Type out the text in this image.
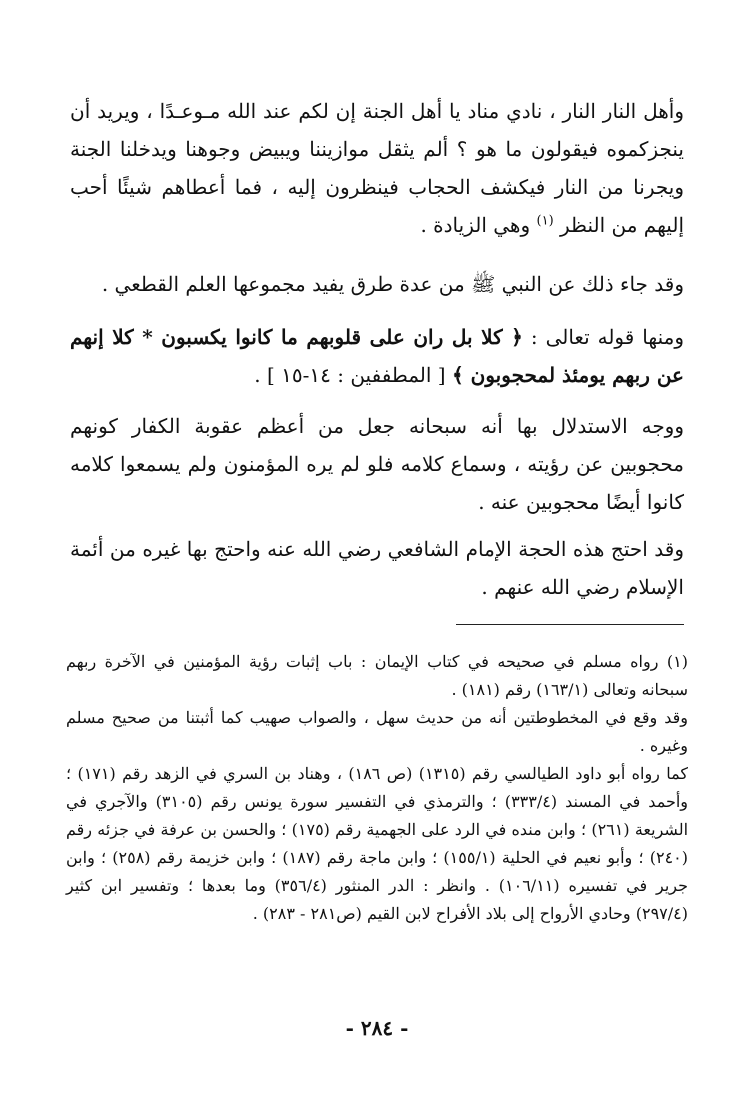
وأهل النار النار ، نادي مناد يا أهل الجنة إن لكم عند الله مـوعـدًا ، ويريد أن ينجزكموه فيقولون ما هو ؟ ألم يثقل موازيننا ويبيض وجوهنا ويدخلنا الجنة ويجرنا من النار فيكشف الحجاب فينظرون إليه ، فما أعطاهم شيئًا أحب إليهم من النظر $^{(١)}$ وهي الزيادة .

وقد جاء ذلك عن النبي ﷺ من عدة طرق يفيد مجموعها العلم القطعي .

ومنها قوله تعالى : ﴿ كلا بل ران على قلوبهم ما كانوا يكسبون * كلا إنهم عن ربهم يومئذ لمحجوبون ﴾ [ المطففين : ١٤-١٥ ] .

ووجه الاستدلال بها أنه سبحانه جعل من أعظم عقوبة الكفار كونهم محجوبين عن رؤيته ، وسماع كلامه فلو لم يره المؤمنون ولم يسمعوا كلامه كانوا أيضًا محجوبين عنه .

وقد احتج هذه الحجة الإمام الشافعي رضي الله عنه واحتج بها غيره من أئمة الإسلام رضي الله عنهم .

(١) رواه مسلم في صحيحه في كتاب الإيمان : باب إثبات رؤية المؤمنين في الآخرة ربهم سبحانه وتعالى (١٦٣/١) رقم (١٨١) .

وقد وقع في المخطوطتين أنه من حديث سهل ، والصواب صهيب كما أثبتنا من صحيح مسلم وغيره .

كما رواه أبو داود الطيالسي رقم (١٣١٥) (ص ١٨٦) ، وهناد بن السري في الزهد رقم (١٧١) ؛ وأحمد في المسند (٣٣٣/٤) ؛ والترمذي في التفسير سورة يونس رقم (٣١٠٥) والآجري في الشريعة (٢٦١) ؛ وابن منده في الرد على الجهمية رقم (١٧٥) ؛ والحسن بن عرفة في جزئه رقم (٢٤٠) ؛ وأبو نعيم في الحلية (١٥٥/١) ؛ وابن ماجة رقم (١٨٧) ؛ وابن خزيمة رقم (٢٥٨) ؛ وابن جرير في تفسيره (١٠٦/١١) . وانظر : الدر المنثور (٣٥٦/٤) وما بعدها ؛ وتفسير ابن كثير (٢٩٧/٤) وحادي الأرواح إلى بلاد الأفراح لابن القيم (ص٢٨١ - ٢٨٣) .

- ٢٨٤ -
